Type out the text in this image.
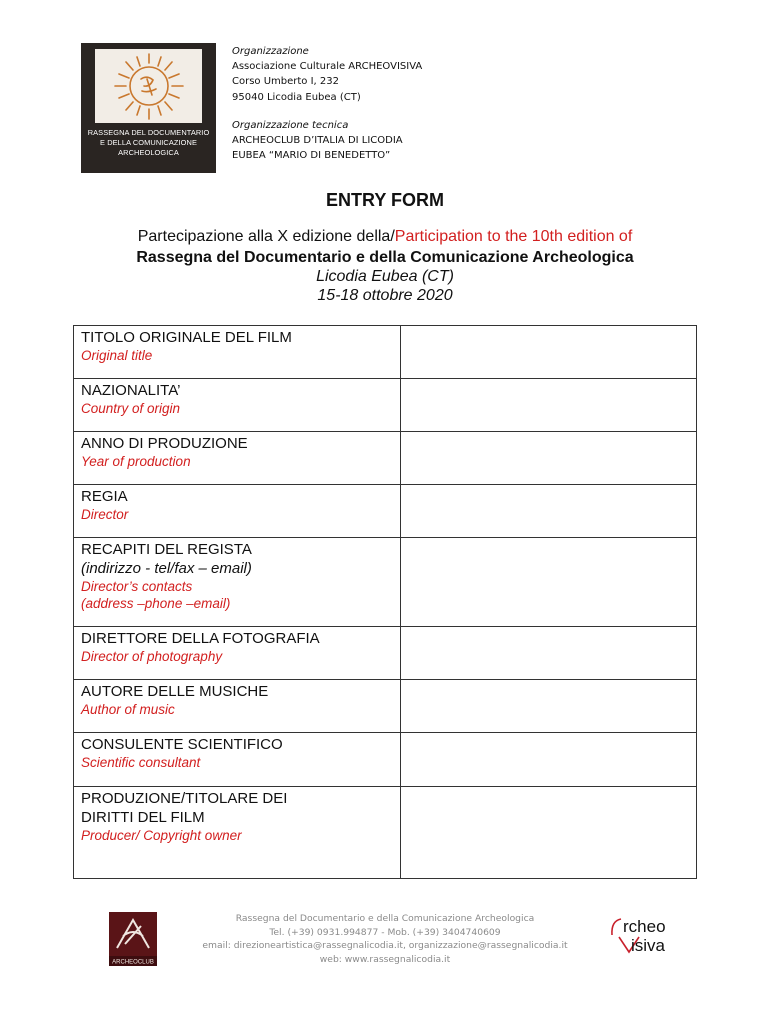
RASSEGNA DEL DOCUMENTARIO
E DELLA COMUNICAZIONE
ARCHEOLOGICA
Organizzazione
Associazione Culturale ARCHEOVISIVA
Corso Umberto I, 232
95040 Licodia Eubea (CT)
Organizzazione tecnica
ARCHEOCLUB D’ITALIA DI LICODIA
EUBEA “MARIO DI BENEDETTO”
ENTRY FORM
Partecipazione alla X edizione della/Participation to the 10th edition of
Rassegna del Documentario e della Comunicazione Archeologica
Licodia Eubea (CT)
15-18 ottobre 2020
TITOLO ORIGINALE DEL FILM
Original title	

NAZIONALITA’
Country of origin	

ANNO DI PRODUZIONE
Year of production	

REGIA
Director	

RECAPITI DEL REGISTA
(indirizzo - tel/fax – email)
Director’s contacts
(address –phone –email)	

DIRETTORE DELLA FOTOGRAFIA
Director of photography	

AUTORE DELLE MUSICHE
Author of music	

CONSULENTE SCIENTIFICO
Scientific consultant	

PRODUZIONE/TITOLARE DEI
DIRITTI DEL FILM
Producer/ Copyright owner	

ARCHEOCLUB
Rassegna del Documentario e della Comunicazione Archeologica
Tel. (+39) 0931.994877 - Mob. (+39) 3404740609
email: direzioneartistica@rassegnalicodia.it, organizzazione@rassegnalicodia.it
web: www.rassegnalicodia.it
rcheo
isiva
